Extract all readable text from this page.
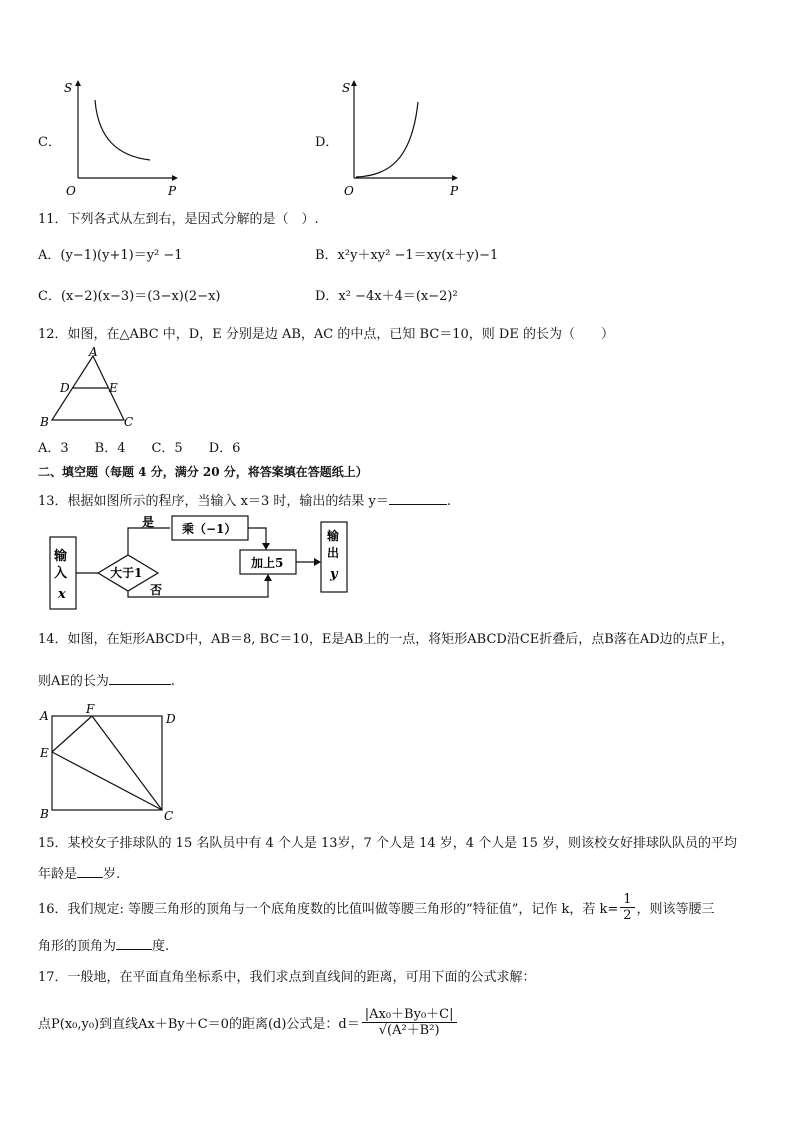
C．
S
O	P
D．
S
O	P
11．下列各式从左到右，是因式分解的是（　）.
A．(y−1)(y+1)＝y² −1	B．x²y＋xy² −1＝xy(x＋y)−1
C．(x−2)(x−3)＝(3−x)(2−x)	D．x² −4x＋4＝(x−2)²
12．如图，在△ABC 中，D，E 分别是边 AB，AC 的中点，已知 BC＝10，则 DE 的长为（　　）
A
D	E
B	C
A．3　　B．4　　C．5　　D．6
二、填空题（每题 4 分，满分 20 分，将答案填在答题纸上）
13．根据如图所示的程序，当输入 x＝3 时，输出的结果 y＝	.
输
入
x
大于1
是 乘（−1）
加上5
否
输
出
y
14．如图，在矩形ABCD中，AB＝8, BC＝10，E是AB上的一点，将矩形ABCD沿CE折叠后，点B落在AD边的点F上，
则AE的长为	.
A	F
D
E
B	C
15．某校女子排球队的 15 名队员中有 4 个人是 13岁，7 个人是 14 岁，4 个人是 15 岁，则该校女好排球队队员的平均
年龄是 岁.
16．我们规定: 等腰三角形的顶角与一个底角度数的比值叫做等腰三角形的“特征值”，记作 k，若 $k= \frac{1}{2}$ ，则该等腰三
角形的顶角为	度.
17．一般地，在平面直角坐标系中，我们求点到直线间的距离，可用下面的公式求解：
点P(x₀,y₀)到直线Ax＋By＋C＝0的距离(d)公式是：$d= \frac{\text{|Ax₀＋By₀＋C|}}{\text{√(A²＋B²)}}$
